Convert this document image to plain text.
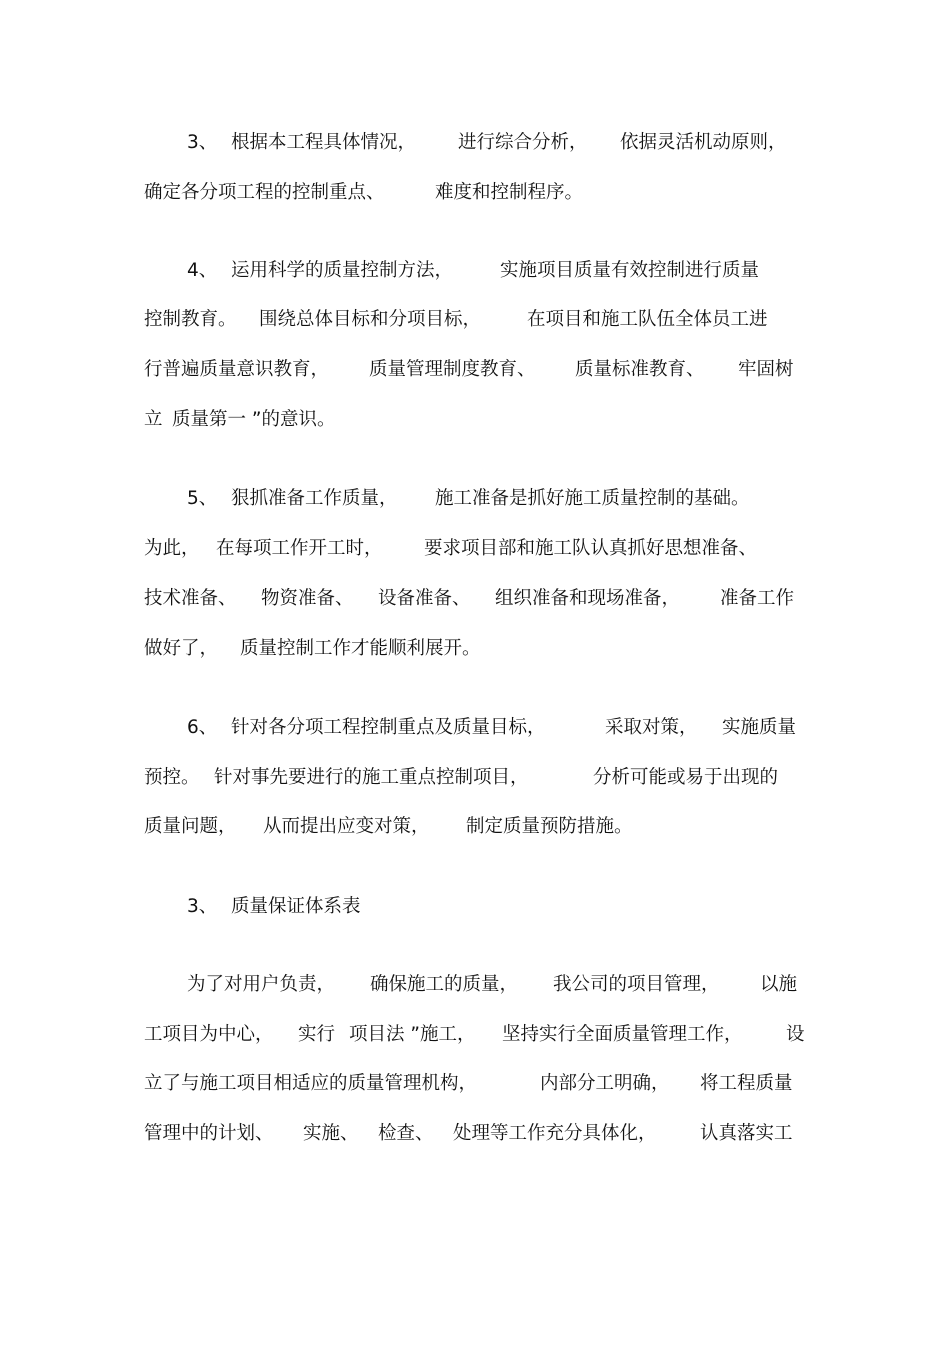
3、

根据本工程具体情况，

进行综合分析，

依据灵活机动原则，

确定各分项工程的控制重点、

	难度和控制程序。

4、

运用科学的质量控制方法，

	实施项目质量有效控制进行质量

控制教育。

围绕总体目标和分项目标，

在项目和施工队伍全体员工进

行普遍质量意识教育，

质量管理制度教育、

质量标准教育、

牢固树

立

质量第一 ”的意识。

5、

狠抓准备工作质量，

施工准备是抓好施工质量控制的基础。

为此，

在每项工作开工时，

要求项目部和施工队认真抓好思想准备、

技术准备、

物资准备、

设备准备、

组织准备和现场准备，

准备工作

做好了，

质量控制工作才能顺利展开。

6、

针对各分项工程控制重点及质量目标，

	采取对策，

实施质量

预控。

针对事先要进行的施工重点控制项目，

	分析可能或易于出现的

质量问题，

从而提出应变对策，

制定质量预防措施。

3、

质量保证体系表

为了对用户负责，

确保施工的质量，

我公司的项目管理，

以施

工项目为中心，

实行

项目法 ”施工，

坚持实行全面质量管理工作，

设

立了与施工项目相适应的质量管理机构，

	内部分工明确，

将工程质量

管理中的计划、

实施、

检查、

处理等工作充分具体化，

认真落实工
